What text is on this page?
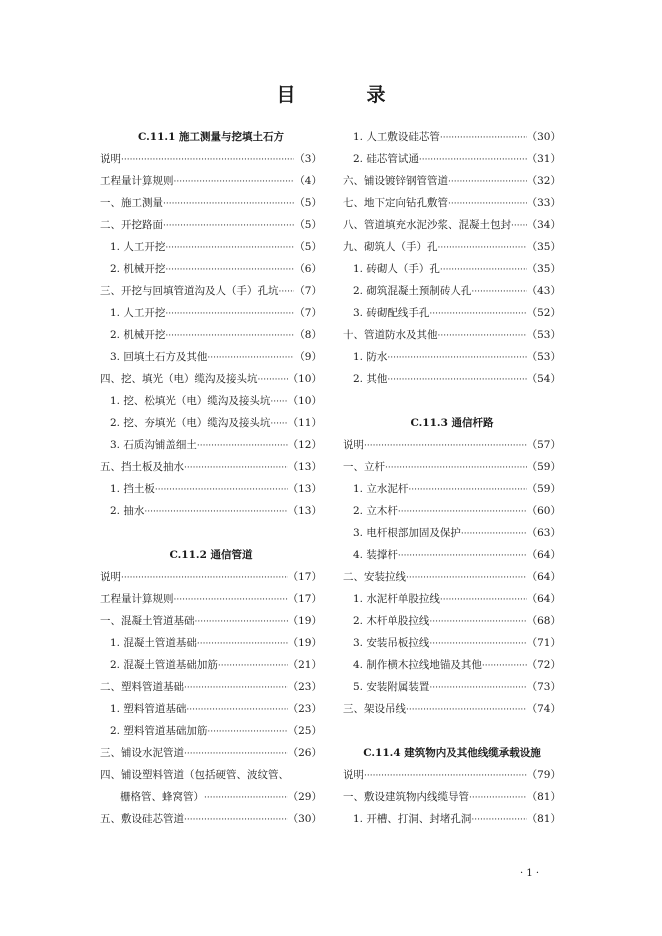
目　录
C.11.1 施工测量与挖填土石方
说明 ·····	（3）
工程量计算规则 ·····	（4）
一、施工测量 ·····	（5）
二、开挖路面 ·····	（5）
1. 人工开挖 ·····	（5）
2. 机械开挖 ·····	（6）
三、开挖与回填管道沟及人（手）孔坑 ····· （7）
1. 人工开挖 ·····	（7）
2. 机械开挖 ·····	（8）
3. 回填土石方及其他 ·····	（9）
四、挖、填光（电）缆沟及接头坑 ·····	（10）
1. 挖、松填光（电）缆沟及接头坑 ····· （10）
2. 挖、夯填光（电）缆沟及接头坑 ····· （11）
3. 石质沟铺盖细土 ·····	（12）
五、挡土板及抽水 ·····	（13）
1. 挡土板 ·····	（13）
2. 抽水 ·····	（13）
C.11.2 通信管道
说明 ·····	（17）
工程量计算规则 ·····	（17）
一、混凝土管道基础 ·····	（19）
1. 混凝土管道基础 ·····	（19）
2. 混凝土管道基础加筋 ·····	（21）
二、塑料管道基础 ·····	（23）
1. 塑料管道基础 ·····	（23）
2. 塑料管道基础加筋 ·····	（25）
三、铺设水泥管道 ·····	（26）
四、铺设塑料管道（包括硬管、波纹管、
栅格管、蜂窝管） ·····	（29）
五、敷设硅芯管道 ·····	（30）
1. 人工敷设硅芯管 ·····	（30）
2. 硅芯管试通 ·····	（31）
六、铺设镀锌钢管管道 ·····	（32）
七、地下定向钻孔敷管 ·····	（33）
八、管道填充水泥沙浆、混凝土包封 ····· （34）
九、砌筑人（手）孔 ·····	（35）
1. 砖砌人（手）孔 ·····	（35）
2. 砌筑混凝土预制砖人孔 ·····	（43）
3. 砖砌配线手孔 ·····	（52）
十、管道防水及其他 ·····	（53）
1. 防水 ·····	（53）
2. 其他 ·····	（54）
C.11.3 通信杆路
说明 ·····	（57）
一、立杆 ·····	（59）
1. 立水泥杆 ·····	（59）
2. 立木杆 ·····	（60）
3. 电杆根部加固及保护 ·····	（63）
4. 装撑杆 ·····	（64）
二、安装拉线 ·····	（64）
1. 水泥杆单股拉线 ·····	（64）
2. 木杆单股拉线 ·····	（68）
3. 安装吊板拉线 ·····	（71）
4. 制作横木拉线地锚及其他 ·····	（72）
5. 安装附属装置 ·····	（73）
三、架设吊线 ·····	（74）
C.11.4 建筑物内及其他线缆承载设施
说明 ·····	（79）
一、敷设建筑物内线缆导管 ·····	（81）
1. 开槽、打洞、封堵孔洞 ·····	（81）
· 1 ·
